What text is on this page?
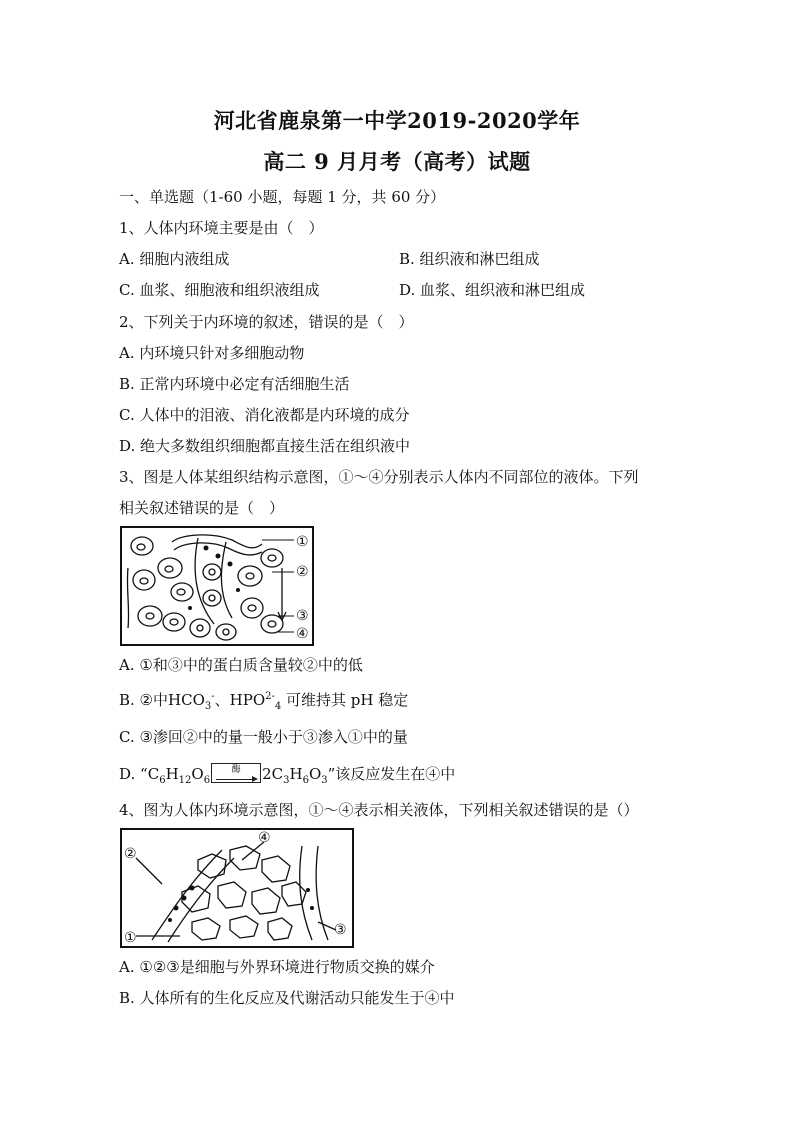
河北省鹿泉第一中学2019-2020学年
高二 9 月月考（高考）试题
一、单选题（1-60 小题，每题 1 分，共 60 分）
1、人体内环境主要是由（　）
A. 细胞内液组成	B. 组织液和淋巴组成
C. 血浆、细胞液和组织液组成	D. 血浆、组织液和淋巴组成
2、下列关于内环境的叙述，错误的是（　）
A. 内环境只针对多细胞动物
B. 正常内环境中必定有活细胞生活
C. 人体中的泪液、消化液都是内环境的成分
D. 绝大多数组织细胞都直接生活在组织液中
3、图是人体某组织结构示意图，①～④分别表示人体内不同部位的液体。下列
相关叙述错误的是（　）
①
②
③
④
A. ①和③中的蛋白质含量较②中的低
B. ②中$HCO_3^-$、$HPO^{2-}_4$ 可维持其 pH 稳定
C. ③渗回②中的量一般小于③渗入①中的量
D. “$C_6H_{12}O_6$
酶	$2C_3H_6O_3$”该反应发生在④中
4、图为人体内环境示意图，①～④表示相关液体，下列相关叙述错误的是（）
④
②
③
①
A. ①②③是细胞与外界环境进行物质交换的媒介
B. 人体所有的生化反应及代谢活动只能发生于④中
